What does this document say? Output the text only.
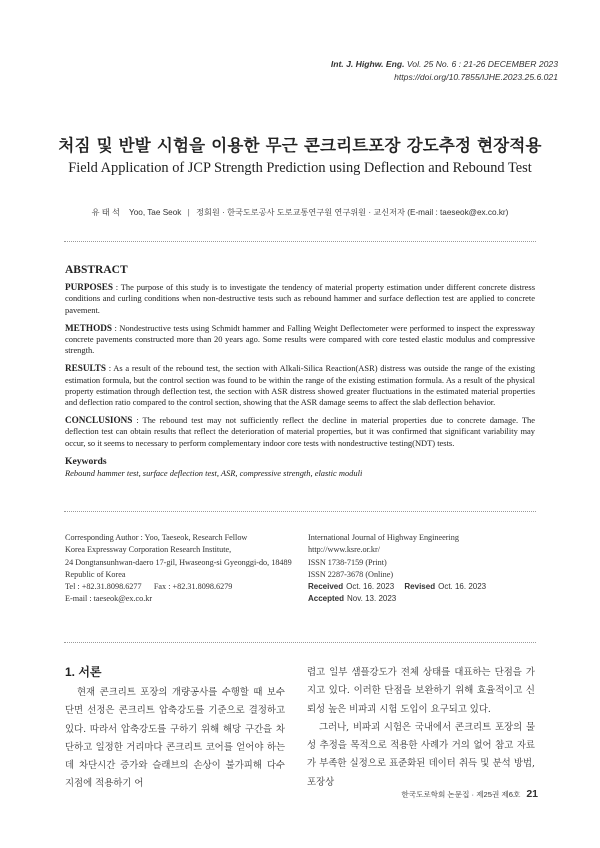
Int. J. Highw. Eng. Vol. 25 No. 6 : 21-26 DECEMBER 2023
https://doi.org/10.7855/IJHE.2023.25.6.021
처짐 및 반발 시험을 이용한 무근 콘크리트포장 강도추정 현장적용
Field Application of JCP Strength Prediction using Deflection and Rebound Test
유 태 석 Yoo, Tae Seok | 정회원 · 한국도로공사 도로교통연구원 연구위원 · 교신저자 (E-mail : taeseok@ex.co.kr)
ABSTRACT

PURPOSES : The purpose of this study is to investigate the tendency of material property estimation under different concrete distress conditions and curling conditions when non-destructive tests such as rebound hammer and surface deflection test are applied to concrete pavement.

METHODS : Nondestructive tests using Schmidt hammer and Falling Weight Deflectometer were performed to inspect the expressway concrete pavements constructed more than 20 years ago. Some results were compared with core tested elastic modulus and compressive strength.

RESULTS : As a result of the rebound test, the section with Alkali-Silica Reaction(ASR) distress was outside the range of the existing estimation formula, but the control section was found to be within the range of the existing estimation formula. As a result of the physical property estimation through deflection test, the section with ASR distress showed greater fluctuations in the estimated material properties and deflection ratio compared to the control section, showing that the ASR damage seems to affect the slab deflection behavior.

CONCLUSIONS : The rebound test may not sufficiently reflect the decline in material properties due to concrete damage. The deflection test can obtain results that reflect the deterioration of material properties, but it was confirmed that significant variability may occur, so it seems to necessary to perform complementary indoor core tests with nondestructive testing(NDT) tests.

Keywords
Rebound hammer test, surface deflection test, ASR, compressive strength, elastic moduli
Corresponding Author : Yoo, Taeseok, Research Fellow
Korea Expressway Corporation Research Institute,
24 Dongtansunhwan-daero 17-gil, Hwaseong-si Gyeonggi-do, 18489
Republic of Korea
Tel : +82.31.8098.6277      Fax : +82.31.8098.6279
E-mail : taeseok@ex.co.kr
International Journal of Highway Engineering
http://www.ksre.or.kr/
ISSN 1738-7159 (Print)
ISSN 2287-3678 (Online)
Received Oct. 16. 2023 Revised Oct. 16. 2023 Accepted Nov. 13. 2023
1. 서론

현재 콘크리트 포장의 개량공사를 수행할 때 보수단면 선정은 콘크리트 압축강도를 기준으로 결정하고 있다. 따라서 압축강도를 구하기 위해 해당 구간을 차단하고 일정한 거리마다 콘크리트 코어를 얻어야 하는데 차단시간 증가와 슬래브의 손상이 불가피해 다수 지점에 적용하기 어

렵고 일부 샘플강도가 전체 상태를 대표하는 단점을 가지고 있다. 이러한 단점을 보완하기 위해 효율적이고 신뢰성 높은 비파괴 시험 도입이 요구되고 있다.

그러나, 비파괴 시험은 국내에서 콘크리트 포장의 물성 추정을 목적으로 적용한 사례가 거의 없어 참고 자료가 부족한 실정으로 표준화된 데이터 취득 및 분석 방법, 포장상

한국도로학회 논문집 · 제25권 제6호 21
